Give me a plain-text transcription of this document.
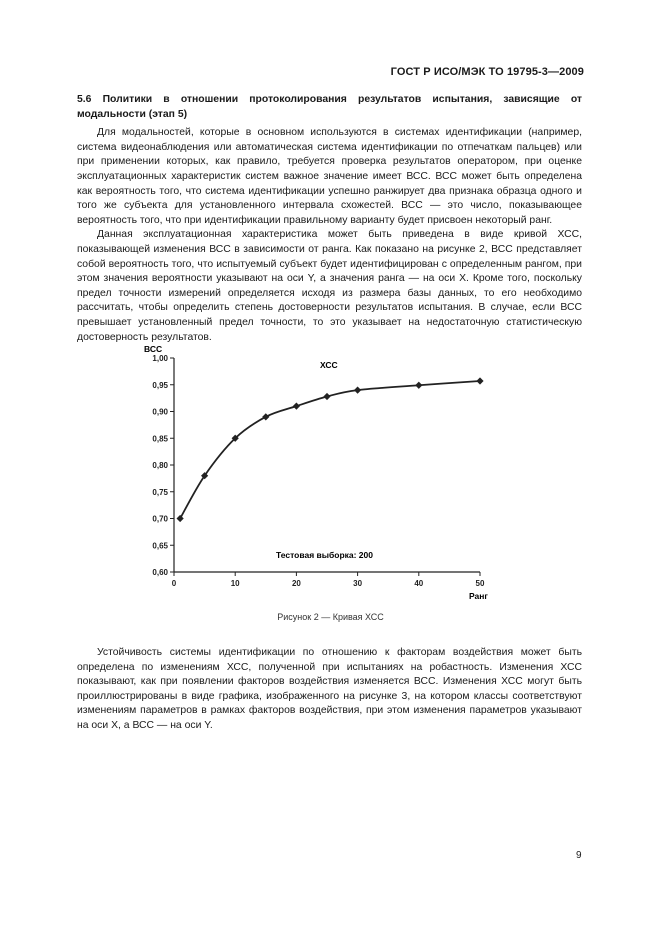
ГОСТ Р ИСО/МЭК ТО 19795-3—2009

5.6 Политики в отношении протоколирования результатов испытания, зависящие от модальности (этап 5)

Для модальностей, которые в основном используются в системах идентификации (например, система видеонаблюдения или автоматическая система идентификации по отпечаткам пальцев) или при применении которых, как правило, требуется проверка результатов оператором, при оценке эксплуатационных характеристик систем важное значение имеет ВСС. ВСС может быть определена как вероятность того, что система идентификации успешно ранжирует два признака образца одного и того же субъекта для установленного интервала схожестей. ВСС — это число, показывающее вероятность того, что при идентификации правильному варианту будет присвоен некоторый ранг.

Данная эксплуатационная характеристика может быть приведена в виде кривой ХСС, показывающей изменения ВСС в зависимости от ранга. Как показано на рисунке 2, ВСС представляет собой вероятность того, что испытуемый субъект будет идентифицирован с определенным рангом, при этом значения вероятности указывают на оси Y, а значения ранга — на оси X. Кроме того, поскольку предел точности измерений определяется исходя из размера базы данных, то его необходимо рассчитать, чтобы определить степень достоверности результатов испытания. В случае, если ВСС превышает установленный предел точности, то это указывает на недостаточную статистическую достоверность результатов.

0,60
0,65
0,70
0,75
0,80
0,85
0,90
0,95
1,00
0	10	20	30	40	50
ВСС
Ранг
ХСС
Тестовая выборка: 200
Рисунок 2 — Кривая ХСС

Устойчивость системы идентификации по отношению к факторам воздействия может быть определена по изменениям ХСС, полученной при испытаниях на робастность. Изменения ХСС показывают, как при появлении факторов воздействия изменяется ВСС. Изменения ХСС могут быть проиллюстрированы в виде графика, изображенного на рисунке 3, на котором классы соответствуют изменениям параметров в рамках факторов воздействия, при этом изменения параметров указывают на оси X, а ВСС — на оси Y.

9
